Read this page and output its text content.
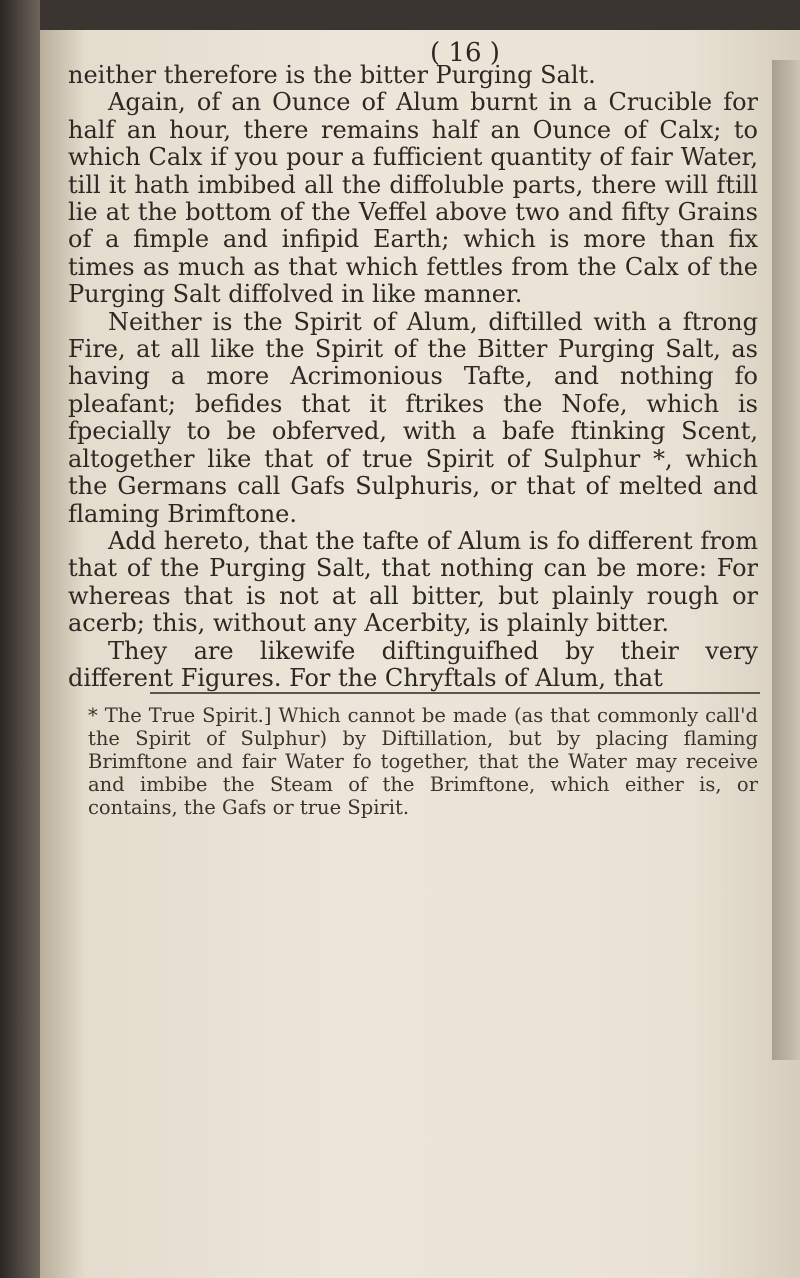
( 16 )

neither therefore is the bitter Purging Salt.

Again, of an Ounce of Alum burnt in a Crucible for half an hour, there remains half an Ounce of Calx; to which Calx if you pour a fufficient quantity of fair Water, till it hath imbibed all the diffoluble parts, there will ftill lie at the bottom of the Veffel above two and fifty Grains of a fimple and infipid Earth; which is more than fix times as much as that which fettles from the Calx of the Purging Salt diffolved in like manner.

Neither is the Spirit of Alum, diftilled with a ftrong Fire, at all like the Spirit of the Bitter Purging Salt, as having a more Acrimonious Tafte, and nothing fo pleafant; befides that it ftrikes the Nofe, which is fpecially to be obferved, with a bafe ftinking Scent, altogether like that of true Spirit of Sulphur *, which the Germans call Gafs Sulphuris, or that of melted and flaming Brimftone.

Add hereto, that the tafte of Alum is fo different from that of the Purging Salt, that nothing can be more: For whereas that is not at all bitter, but plainly rough or acerb; this, without any Acerbity, is plainly bitter.

They are likewife diftinguifhed by their very different Figures. For the Chryftals of Alum, that

* The True Spirit.] Which cannot be made (as that commonly call'd the Spirit of Sulphur) by Diftillation, but by placing flaming Brimftone and fair Water fo together, that the Water may receive and imbibe the Steam of the Brimftone, which either is, or contains, the Gafs or true Spirit.
